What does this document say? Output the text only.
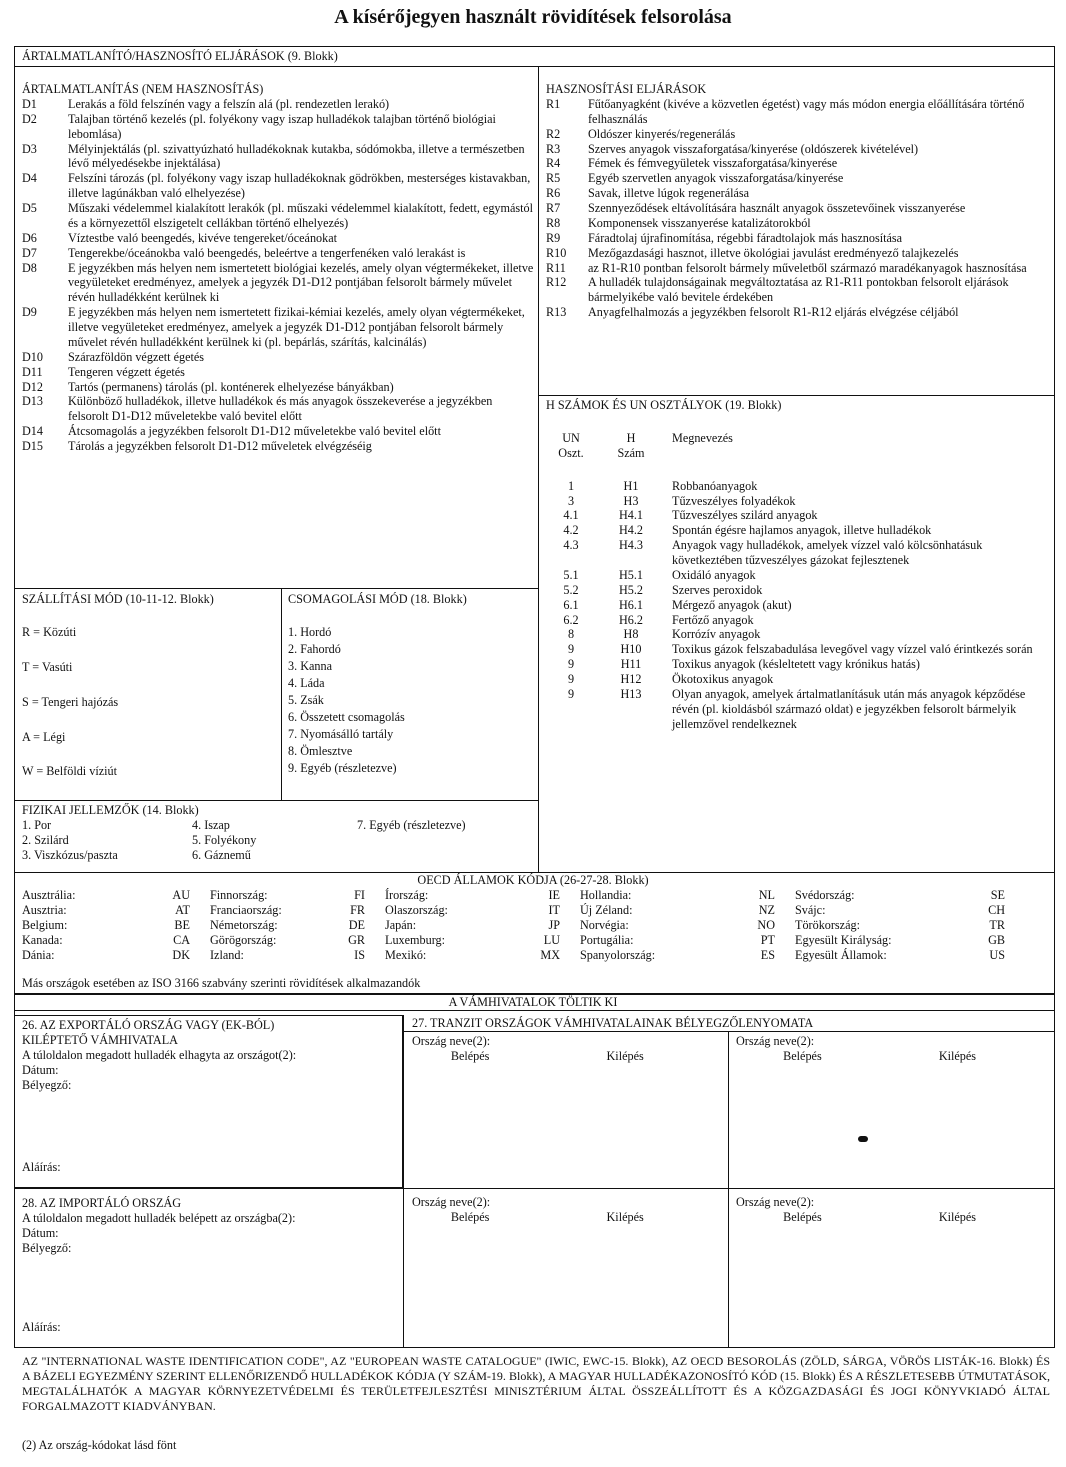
A kísérőjegyen használt rövidítések felsorolása
ÁRTALMATLANÍTÓ/HASZNOSÍTÓ ELJÁRÁSOK (9. Blokk)
ÁRTALMATLANÍTÁS (NEM HASZNOSÍTÁS)
D1	Lerakás a föld felszínén vagy a felszín alá (pl. rendezetlen lerakó)
D2	Talajban történő kezelés (pl. folyékony vagy iszap hulladékok talajban történő biológiai lebomlása)
D3	Mélyinjektálás (pl. szivattyúzható hulladékoknak kutakba, sódómokba, illetve a természetben lévő mélyedésekbe injektálása)
D4	Felszíni tározás (pl. folyékony vagy iszap hulladékoknak gödrökben, mesterséges kistavakban, illetve lagúnákban való elhelyezése)
D5	Műszaki védelemmel kialakított lerakók (pl. műszaki védelemmel kialakított, fedett, egymástól és a környezettől elszigetelt cellákban történő elhelyezés)
D6	Víztestbe való beengedés, kivéve tengereket/óceánokat
D7	Tengerekbe/óceánokba való beengedés, beleértve a tengerfenéken való lerakást is
D8	E jegyzékben más helyen nem ismertetett biológiai kezelés, amely olyan végtermékeket, illetve vegyületeket eredményez, amelyek a jegyzék D1-D12 pontjában felsorolt bármely művelet révén hulladékként kerülnek ki
D9	E jegyzékben más helyen nem ismertetett fizikai-kémiai kezelés, amely olyan végtermékeket, illetve vegyületeket eredményez, amelyek a jegyzék D1-D12 pontjában felsorolt bármely művelet révén hulladékként kerülnek ki (pl. bepárlás, szárítás, kalcinálás)
D10	Szárazföldön végzett égetés
D11	Tengeren végzett égetés
D12	Tartós (permanens) tárolás (pl. konténerek elhelyezése bányákban)
D13	Különböző hulladékok, illetve hulladékok és más anyagok összekeverése a jegyzékben felsorolt D1-D12 műveletekbe való bevitel előtt
D14	Átcsomagolás a jegyzékben felsorolt D1-D12 műveletekbe való bevitel előtt
D15	Tárolás a jegyzékben felsorolt D1-D12 műveletek elvégzéséig
HASZNOSÍTÁSI ELJÁRÁSOK
R1	Fűtőanyagként (kivéve a közvetlen égetést) vagy más módon energia előállítására történő felhasználás
R2	Oldószer kinyerés/regenerálás
R3	Szerves anyagok visszaforgatása/kinyerése (oldószerek kivételével)
R4	Fémek és fémvegyületek visszaforgatása/kinyerése
R5	Egyéb szervetlen anyagok visszaforgatása/kinyerése
R6	Savak, illetve lúgok regenerálása
R7	Szennyeződések eltávolítására használt anyagok összetevőinek visszanyerése
R8	Komponensek visszanyerése katalizátorokból
R9	Fáradtolaj újrafinomítása, régebbi fáradtolajok más hasznosítása
R10	Mezőgazdasági hasznot, illetve ökológiai javulást eredményező talajkezelés
R11	az R1-R10 pontban felsorolt bármely műveletből származó maradékanyagok hasznosítása
R12	A hulladék tulajdonságainak megváltoztatása az R1-R11 pontokban felsorolt eljárások bármelyikébe való bevitele érdekében
R13	Anyagfelhalmozás a jegyzékben felsorolt R1-R12 eljárás elvégzése céljából
H SZÁMOK ÉS UN OSZTÁLYOK (19. Blokk)
UN	H	Megnevezés
Oszt.	Szám
1	H1	Robbanóanyagok
3	H3	Tűzveszélyes folyadékok
4.1	H4.1	Tűzveszélyes szilárd anyagok
4.2	H4.2	Spontán égésre hajlamos anyagok, illetve hulladékok
4.3	H4.3	Anyagok vagy hulladékok, amelyek vízzel való kölcsönhatásuk következtében tűzveszélyes gázokat fejlesztenek
5.1	H5.1	Oxidáló anyagok
5.2	H5.2	Szerves peroxidok
6.1	H6.1	Mérgező anyagok (akut)
6.2	H6.2	Fertőző anyagok
8	H8	Korrózív anyagok
9	H10	Toxikus gázok felszabadulása levegővel vagy vízzel való érintkezés során
9	H11	Toxikus anyagok (késleltetett vagy krónikus hatás)
9	H12	Ökotoxikus anyagok
9	H13	Olyan anyagok, amelyek ártalmatlanításuk után más anyagok képződése révén (pl. kioldásból származó oldat) e jegyzékben felsorolt bármelyik jellemzővel rendelkeznek
SZÁLLÍTÁSI MÓD (10-11-12. Blokk)
R = Közúti
T = Vasúti
S = Tengeri hajózás
A = Légi
W = Belföldi víziút
CSOMAGOLÁSI MÓD (18. Blokk)
1. Hordó
2. Fahordó
3. Kanna
4. Láda
5. Zsák
6. Összetett csomagolás
7. Nyomásálló tartály
8. Ömlesztve
9. Egyéb (részletezve)
FIZIKAI JELLEMZŐK (14. Blokk)
1. Por
2. Szilárd
3. Viszkózus/paszta
4. Iszap
5. Folyékony
6. Gáznemű
7. Egyéb (részletezve)
OECD ÁLLAMOK KÓDJA (26-27-28. Blokk)
Ausztrália:	AU	Finnország:	FI	Írország:	IE	Hollandia:	NL	Svédország:	SE
Ausztria:	AT	Franciaország:	FR	Olaszország:	IT	Új Zéland:	NZ	Svájc:	CH
Belgium:	BE	Németország:	DE	Japán:	JP	Norvégia:	NO	Törökország:	TR
Kanada:	CA	Görögország:	GR	Luxemburg:	LU	Portugália:	PT	Egyesült Királyság:	GB
Dánia:	DK	Izland:	IS	Mexikó:	MX	Spanyolország:	ES	Egyesült Államok:	US
Más országok esetében az ISO 3166 szabvány szerinti rövidítések alkalmazandók
A VÁMHIVATALOK TÖLTIK KI
26. AZ EXPORTÁLÓ ORSZÁG VAGY (EK-BÓL)
KILÉPTETŐ VÁMHIVATALA
A túloldalon megadott hulladék elhagyta az országot(2):
Dátum:
Bélyegző:
Aláírás:
27. TRANZIT ORSZÁGOK VÁMHIVATALAINAK BÉLYEGZŐLENYOMATA
Ország neve(2):
Belépés	Kilépés
Ország neve(2):
Belépés	Kilépés
28. AZ IMPORTÁLÓ ORSZÁG
A túloldalon megadott hulladék belépett az országba(2):
Dátum:
Bélyegző:
Aláírás:
Ország neve(2):
Belépés	Kilépés
Ország neve(2):
Belépés	Kilépés
AZ "INTERNATIONAL WASTE IDENTIFICATION CODE", AZ "EUROPEAN WASTE CATALOGUE" (IWIC, EWC-15. Blokk), AZ OECD BESOROLÁS (ZÖLD, SÁRGA, VÖRÖS LISTÁK-16. Blokk) ÉS A BÁZELI EGYEZMÉNY SZERINT ELLENŐRIZENDŐ HULLADÉKOK KÓDJA (Y SZÁM-19. Blokk), A MAGYAR HULLADÉKAZONOSÍTÓ KÓD (15. Blokk) ÉS A RÉSZLETESEBB ÚTMUTATÁSOK, MEGTALÁLHATÓK A MAGYAR KÖRNYEZETVÉDELMI ÉS TERÜLETFEJLESZTÉSI MINISZTÉRIUM ÁLTAL ÖSSZEÁLLÍTOTT ÉS A KÖZGAZDASÁGI ÉS JOGI KÖNYVKIADÓ ÁLTAL FORGALMAZOTT KIADVÁNYBAN.
(2) Az ország-kódokat lásd fönt
